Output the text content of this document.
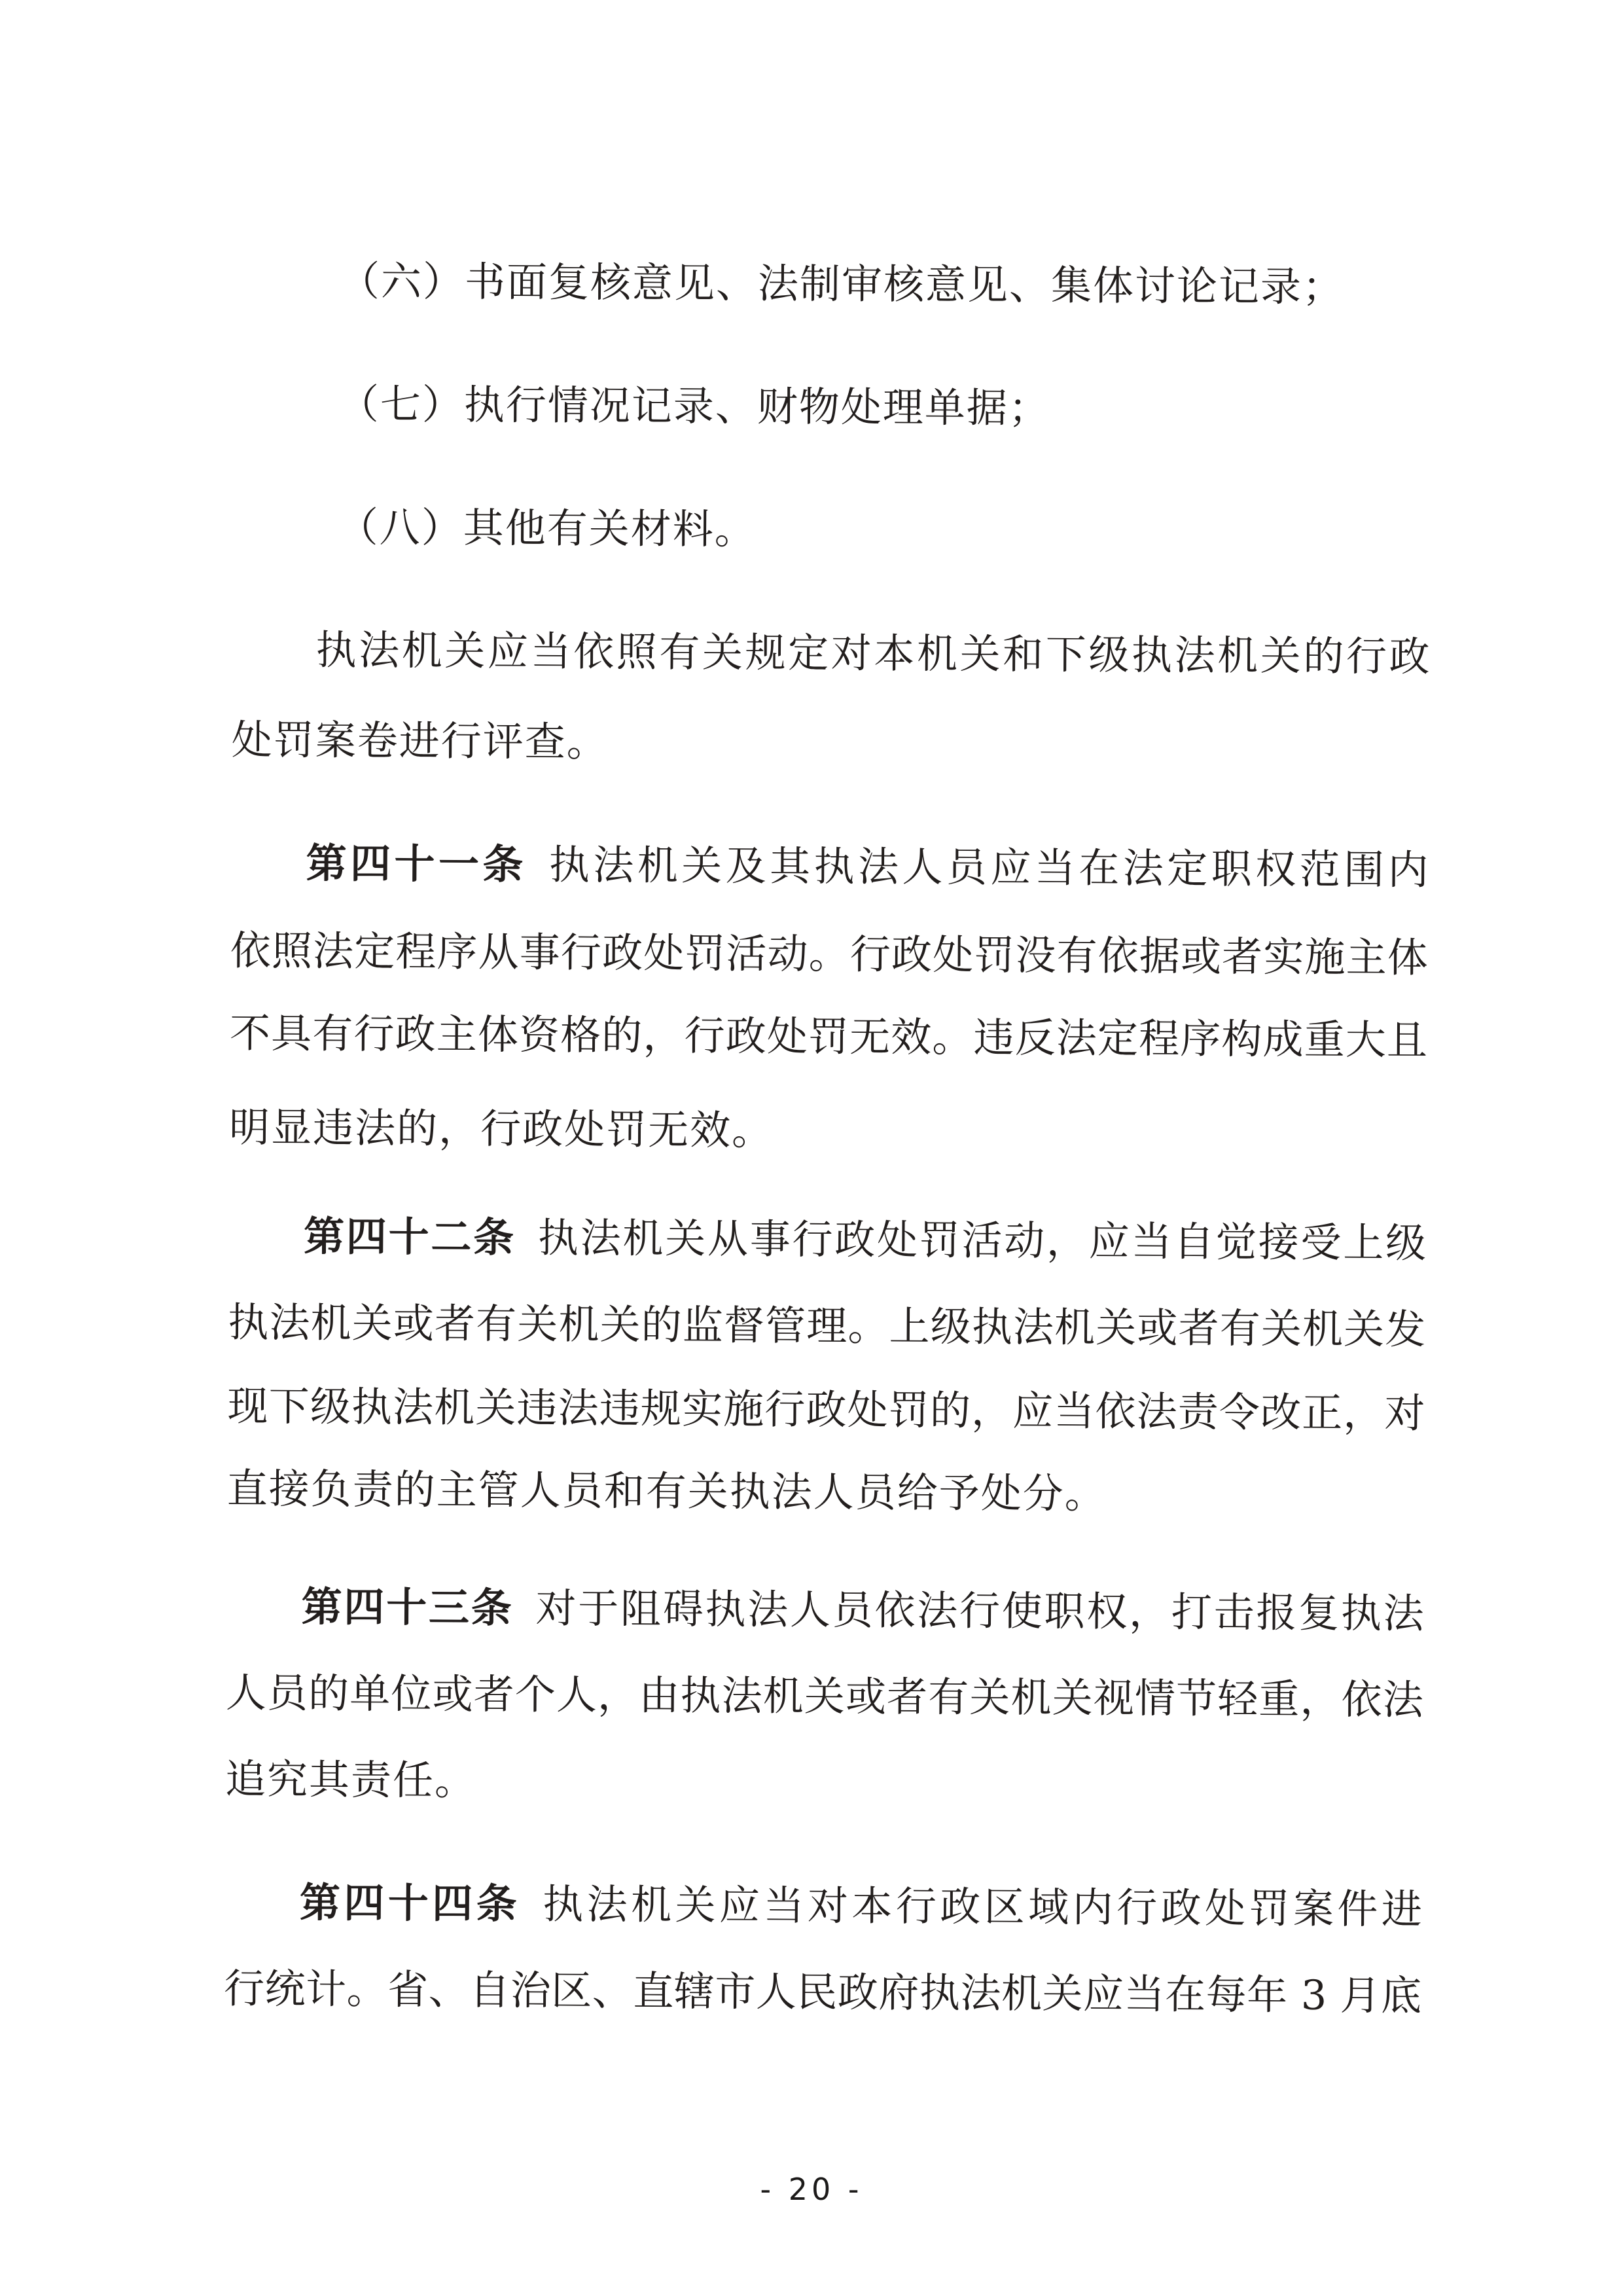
（六）书面复核意见、法制审核意见、集体讨论记录；
（七）执行情况记录、财物处理单据；
（八）其他有关材料。
执法机关应当依照有关规定对本机关和下级执法机关的行政
处罚案卷进行评查。
第四十一条 执法机关及其执法人员应当在法定职权范围内
依照法定程序从事行政处罚活动。行政处罚没有依据或者实施主体
不具有行政主体资格的，行政处罚无效。违反法定程序构成重大且
明显违法的，行政处罚无效。
第四十二条 执法机关从事行政处罚活动，应当自觉接受上级
执法机关或者有关机关的监督管理。上级执法机关或者有关机关发
现下级执法机关违法违规实施行政处罚的，应当依法责令改正，对
直接负责的主管人员和有关执法人员给予处分。
第四十三条 对于阻碍执法人员依法行使职权，打击报复执法
人员的单位或者个人，由执法机关或者有关机关视情节轻重，依法
追究其责任。
第四十四条 执法机关应当对本行政区域内行政处罚案件进
行统计。省、自治区、直辖市人民政府执法机关应当在每年 3 月底
- 20 -
